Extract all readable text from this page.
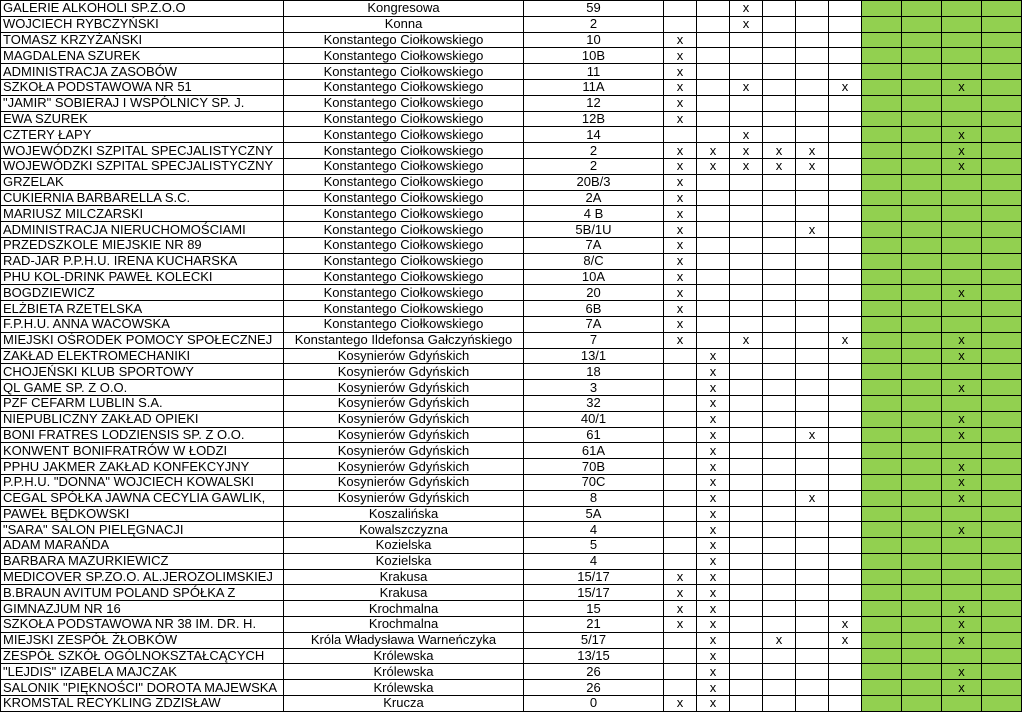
GALERIE ALKOHOLI SP.Z.O.O	Kongresowa	59			x							
WOJCIECH RYBCZYŃSKI	Konna	2			x							
TOMASZ KRZYŻAŃSKI	Konstantego Ciołkowskiego	10	x									
MAGDALENA SZUREK	Konstantego Ciołkowskiego	10B	x									
ADMINISTRACJA ZASOBÓW	Konstantego Ciołkowskiego	11	x									
SZKOŁA PODSTAWOWA NR 51	Konstantego Ciołkowskiego	11A	x		x			x			x	
"JAMIR" SOBIERAJ I WSPÓLNICY SP. J.	Konstantego Ciołkowskiego	12	x									
EWA SZUREK	Konstantego Ciołkowskiego	12B	x									
CZTERY ŁAPY	Konstantego Ciołkowskiego	14			x						x	
WOJEWÓDZKI SZPITAL SPECJALISTYCZNY	Konstantego Ciołkowskiego	2	x	x	x	x	x				x	
WOJEWÓDZKI SZPITAL SPECJALISTYCZNY	Konstantego Ciołkowskiego	2	x	x	x	x	x				x	
GRZELAK	Konstantego Ciołkowskiego	20B/3	x									
CUKIERNIA BARBARELLA S.C.	Konstantego Ciołkowskiego	2A	x									
MARIUSZ MILCZARSKI	Konstantego Ciołkowskiego	4 B	x									
ADMINISTRACJA NIERUCHOMOŚCIAMI	Konstantego Ciołkowskiego	5B/1U	x				x					
PRZEDSZKOLE MIEJSKIE NR 89	Konstantego Ciołkowskiego	7A	x									
RAD-JAR P.P.H.U. IRENA KUCHARSKA	Konstantego Ciołkowskiego	8/C	x									
PHU KOL-DRINK PAWEŁ KOLECKI	Konstantego Ciołkowskiego	10A	x									
BOGDZIEWICZ	Konstantego Ciołkowskiego	20	x								x	
ELŻBIETA RZETELSKA	Konstantego Ciołkowskiego	6B	x									
F.P.H.U. ANNA WACOWSKA	Konstantego Ciołkowskiego	7A	x									
MIEJSKI OŚRODEK POMOCY SPOŁECZNEJ	Konstantego Ildefonsa Gałczyńskiego	7	x		x			x			x	
ZAKŁAD ELEKTROMECHANIKI	Kosynierów Gdyńskich	13/1		x							x	
CHOJEŃSKI KLUB SPORTOWY	Kosynierów Gdyńskich	18		x								
QL GAME SP. Z O.O.	Kosynierów Gdyńskich	3		x							x	
PZF CEFARM LUBLIN S.A.	Kosynierów Gdyńskich	32		x								
NIEPUBLICZNY ZAKŁAD OPIEKI	Kosynierów Gdyńskich	40/1		x							x	
BONI FRATRES LODZIENSIS SP. Z O.O.	Kosynierów Gdyńskich	61		x			x				x	
KONWENT BONIFRATRÓW W ŁODZI	Kosynierów Gdyńskich	61A		x								
PPHU JAKMER ZAKŁAD KONFEKCYJNY	Kosynierów Gdyńskich	70B		x							x	
P.P.H.U. "DONNA" WOJCIECH KOWALSKI	Kosynierów Gdyńskich	70C		x							x	
CEGAL SPÓŁKA JAWNA CECYLIA GAWLIK,	Kosynierów Gdyńskich	8		x			x				x	
PAWEŁ BĘDKOWSKI	Koszalińska	5A		x								
"SARA" SALON PIELĘGNACJI	Kowalszczyzna	4		x							x	
ADAM MARAŃDA	Kozielska	5		x								
BARBARA MAZURKIEWICZ	Kozielska	4		x								
MEDICOVER SP.ZO.O. AL.JEROZOLIMSKIEJ	Krakusa	15/17	x	x								
B.BRAUN AVITUM POLAND SPÓŁKA Z	Krakusa	15/17	x	x								
GIMNAZJUM NR 16	Krochmalna	15	x	x							x	
SZKOŁA PODSTAWOWA NR 38 IM. DR. H.	Krochmalna	21	x	x				x			x	
MIEJSKI ZESPÓŁ ŻŁOBKÓW	Króla Władysława Warneńczyka	5/17		x		x		x			x	
ZESPÓŁ SZKÓŁ OGÓLNOKSZTAŁCĄCYCH	Królewska	13/15		x								
"LEJDIS" IZABELA MAJCZAK	Królewska	26		x							x	
SALONIK "PIĘKNOŚCI" DOROTA MAJEWSKA	Królewska	26		x							x	
KROMSTAL RECYKLING ZDZISŁAW	Krucza	0	x	x								
